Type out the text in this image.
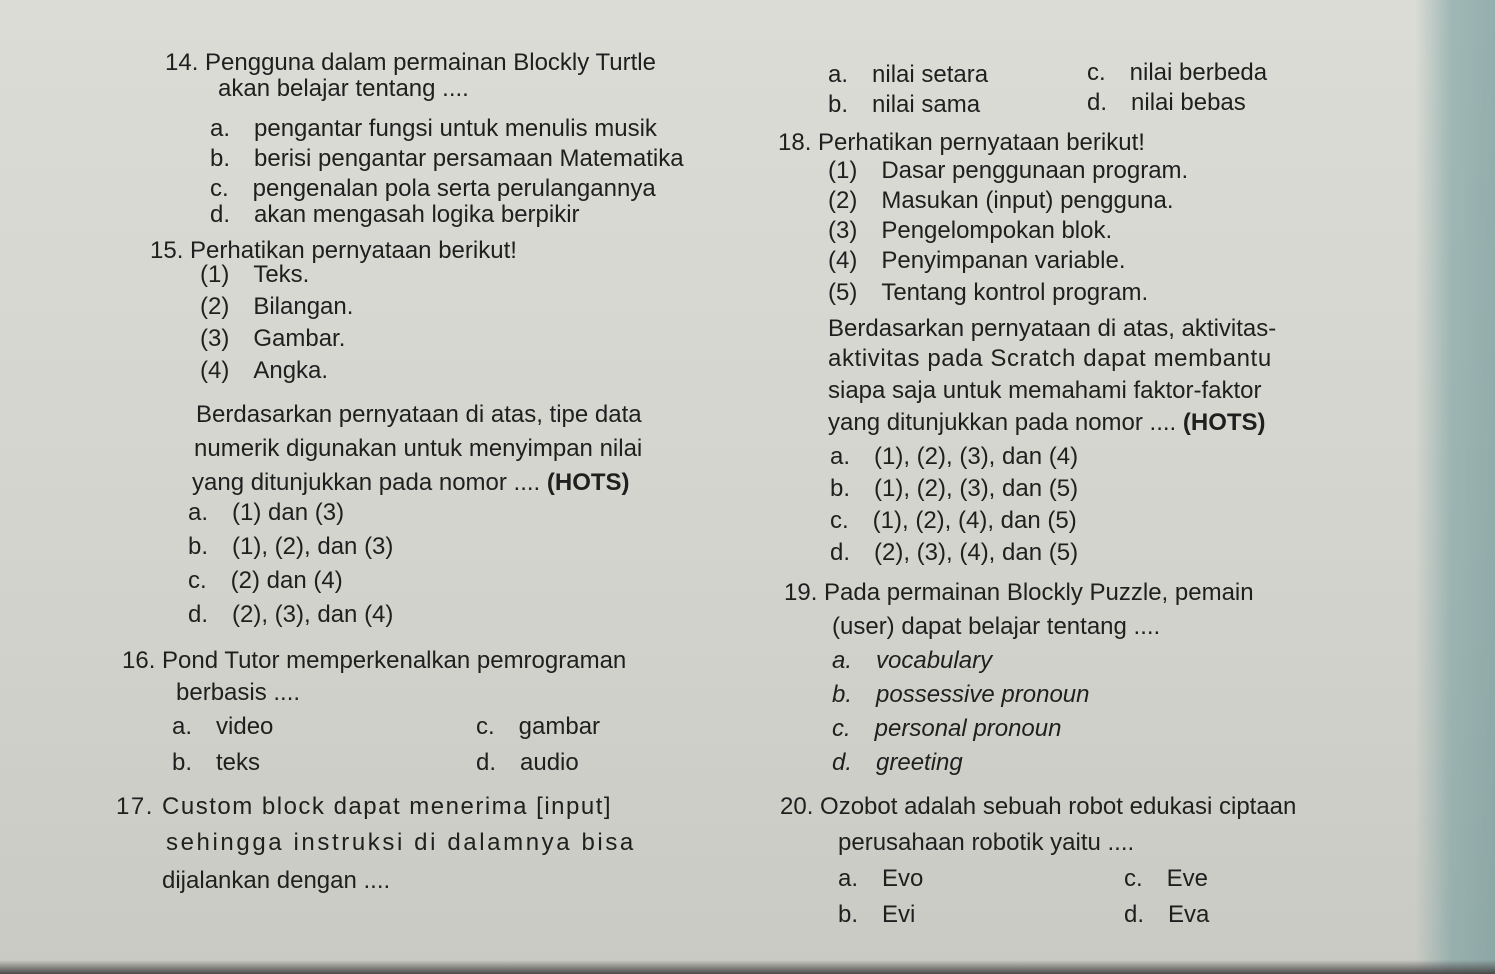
14. Pengguna dalam permainan Blockly Turtle
akan belajar tentang ....
a. pengantar fungsi untuk menulis musik
b. berisi pengantar persamaan Matematika
c. pengenalan pola serta perulangannya
d. akan mengasah logika berpikir
15. Perhatikan pernyataan berikut!
(1) Teks.
(2) Bilangan.
(3) Gambar.
(4) Angka.
Berdasarkan pernyataan di atas, tipe data
numerik digunakan untuk menyimpan nilai
yang ditunjukkan pada nomor .... (HOTS)
a. (1) dan (3)
b. (1), (2), dan (3)
c. (2) dan (4)
d. (2), (3), dan (4)
16. Pond Tutor memperkenalkan pemrograman
berbasis ....
a. video	c. gambar
b. teks	d. audio
17. Custom block dapat menerima [input]
sehingga instruksi di dalamnya bisa
dijalankan dengan ....
a. nilai setara	c. nilai berbeda
b. nilai sama	d. nilai bebas
18. Perhatikan pernyataan berikut!
(1) Dasar penggunaan program.
(2) Masukan (input) pengguna.
(3) Pengelompokan blok.
(4) Penyimpanan variable.
(5) Tentang kontrol program.
Berdasarkan pernyataan di atas, aktivitas-
aktivitas pada Scratch dapat membantu
siapa saja untuk memahami faktor-faktor
yang ditunjukkan pada nomor .... (HOTS)
a. (1), (2), (3), dan (4)
b. (1), (2), (3), dan (5)
c. (1), (2), (4), dan (5)
d. (2), (3), (4), dan (5)
19. Pada permainan Blockly Puzzle, pemain
(user) dapat belajar tentang ....
a. vocabulary
b. possessive pronoun
c. personal pronoun
d. greeting
20. Ozobot adalah sebuah robot edukasi ciptaan
perusahaan robotik yaitu ....
a. Evo	c. Eve
b. Evi	d. Eva
